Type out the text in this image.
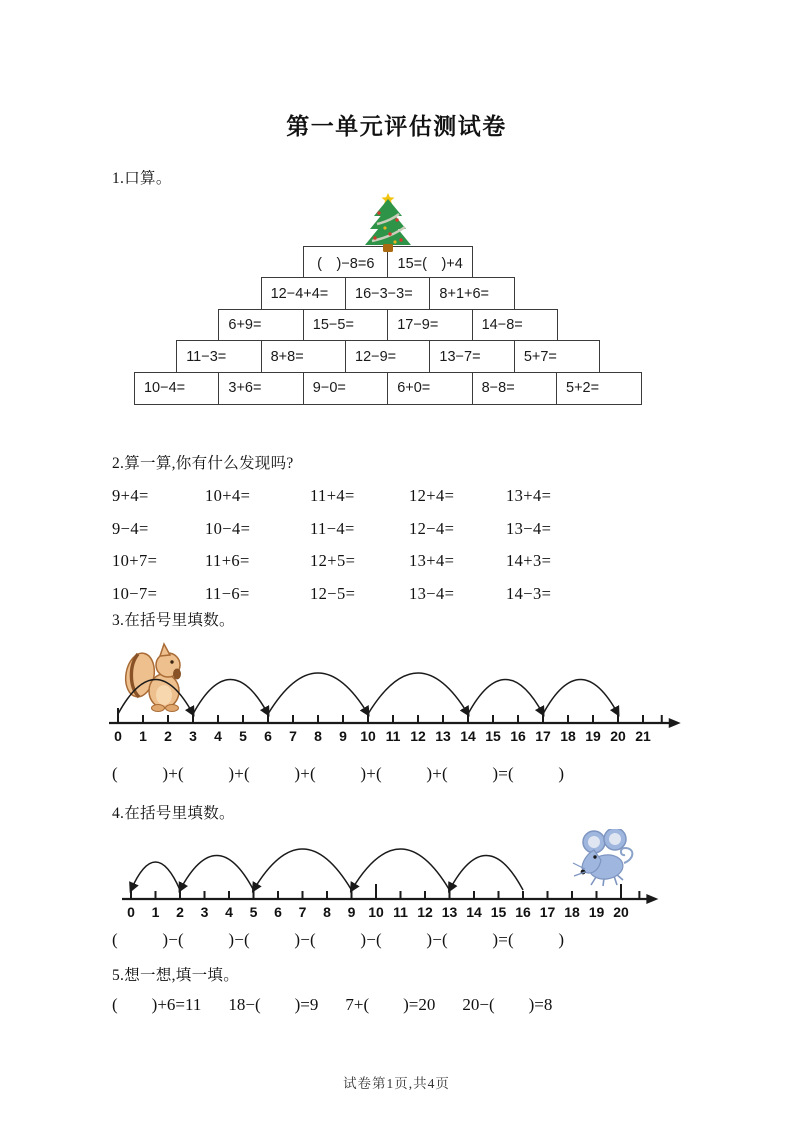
第一单元评估测试卷
1.口算。
(　)−8=6	15=(　)+4
12−4+4=	16−3−3=	8+1+6=
6+9=	15−5=	17−9=	14−8=
11−3=	8+8=	12−9=	13−7=	5+7=
10−4=	3+6=	9−0=	6+0=	8−8=	5+2=
2.算一算,你有什么发现吗?
9+4=	10+4=	11+4=	12+4=	13+4=
9−4=	10−4=	11−4=	12−4=	13−4=
10+7=	11+6=	12+5=	13+4=	14+3=
10−7=	11−6=	12−5=	13−4=	14−3=
3.在括号里填数。
0 1 2 3 4 5 6 7 8 9 10 11 12 13 14 15 16 17 18 19 20 21
(          )+(          )+(          )+(          )+(          )+(          )=(          )
4.在括号里填数。
0 1 2 3 4 5 6 7 8 9 10 11 12 13 14 15 16 17 18 19 20
(          )−(          )−(          )−(          )−(          )−(          )=(          )
5.想一想,填一填。
(        )+6=11 18−(        )=9 7+(        )=20 20−(        )=8
试卷第1页,共4页
